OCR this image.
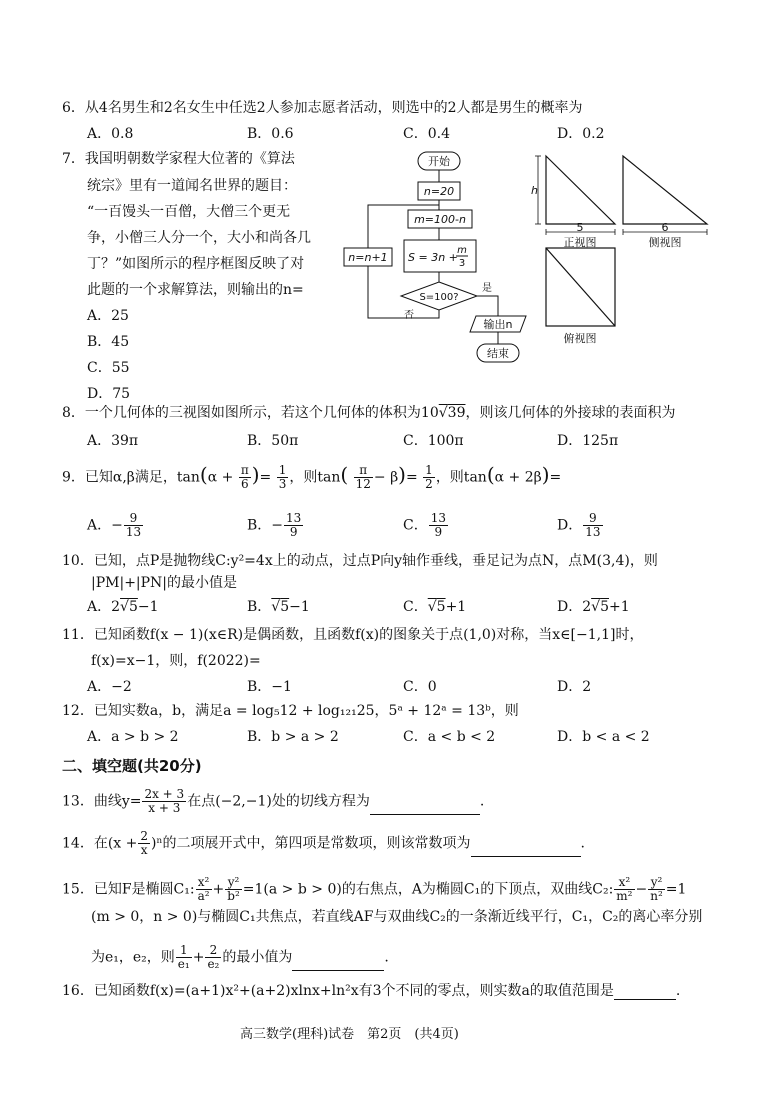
6．从4名男生和2名女生中任选2人参加志愿者活动，则选中的2人都是男生的概率为
A．0.8	B．0.6	C．0.4	D．0.2
7．我国明朝数学家程大位著的《算法
统宗》里有一道闻名世界的题目：
“一百馒头一百僧，大僧三个更无
争，小僧三人分一个，大小和尚各几
丁？”如图所示的程序框图反映了对
此题的一个求解算法，则输出的n=
A．25
B．45
C．55
D．75
开始
n=20
m=100-n
S = 3n +
m
3
S=100?
是
否
n=n+1
输出n
结束
h
5	6
正视图	侧视图
俯视图
8．一个几何体的三视图如图所示，若这个几何体的体积为10√39，则该几何体的外接球的表面积为
A．39π	B．50π	C．100π	D．125π
9．已知α,β满足，$\tan(\alpha + \frac{\pi}{6}$ )= $\frac{1}{3}$ ，则$\tan( \frac{\pi}{12} - \beta)= \frac{1}{2}$ ，则tan(α + 2β)=
A．− $\frac{9}{13}$	B．− $\frac{13}{9}$	C． $\frac{13}{9}$	D． $\frac{9}{13}$
10．已知，点P是抛物线C:y²=4x上的动点，过点P向y轴作垂线，垂足记为点N，点M(3,4)，则
|PM|+|PN|的最小值是
A．2√5−1	B．√5−1	C．√5+1	D．2√5+1
11．已知函数f(x − 1)(x∈R)是偶函数，且函数f(x)的图象关于点(1,0)对称，当x∈[−1,1]时，
f(x)=x−1，则，f(2022)=
A．−2	B．−1	C．0	D．2
12．已知实数a，b，满足a = log₅12 + log₁₂₁25，5ᵃ + 12ᵃ = 13ᵇ，则
A．a > b > 2	B．b > a > 2	C．a < b < 2	D．b < a < 2
二、填空题(共20分)
13．曲线$y= \frac{2x + 3}{x + 3}$ 在点(−2,−1)处的切线方程为	.
14．在$(x + \frac{2}{x} )^n$的二项展开式中，第四项是常数项，则该常数项为	.
15．已知F是椭圆C₁: $\frac{\text{x²}}{\text{a²}} + \frac{\text{y²}}{\text{b²}} =1(a > b > 0)$的右焦点，A为椭圆C₁的下顶点，双曲线C₂: $\frac{\text{x²}}{\text{m²}} - \frac{\text{y²}}{\text{n²}} =1$
(m > 0，n > 0)与椭圆C₁共焦点，若直线AF与双曲线C₂的一条渐近线平行，C₁，C₂的离心率分别
为e₁，e₂，则 $\frac{1}{\text{e₁}} + \frac{2}{\text{e₂}}$ 的最小值为	.
16．已知函数f(x)=(a+1)x²+(a+2)xlnx+ln²x有3个不同的零点，则实数a的取值范围是	.
高三数学(理科)试卷　第2页　(共4页)
